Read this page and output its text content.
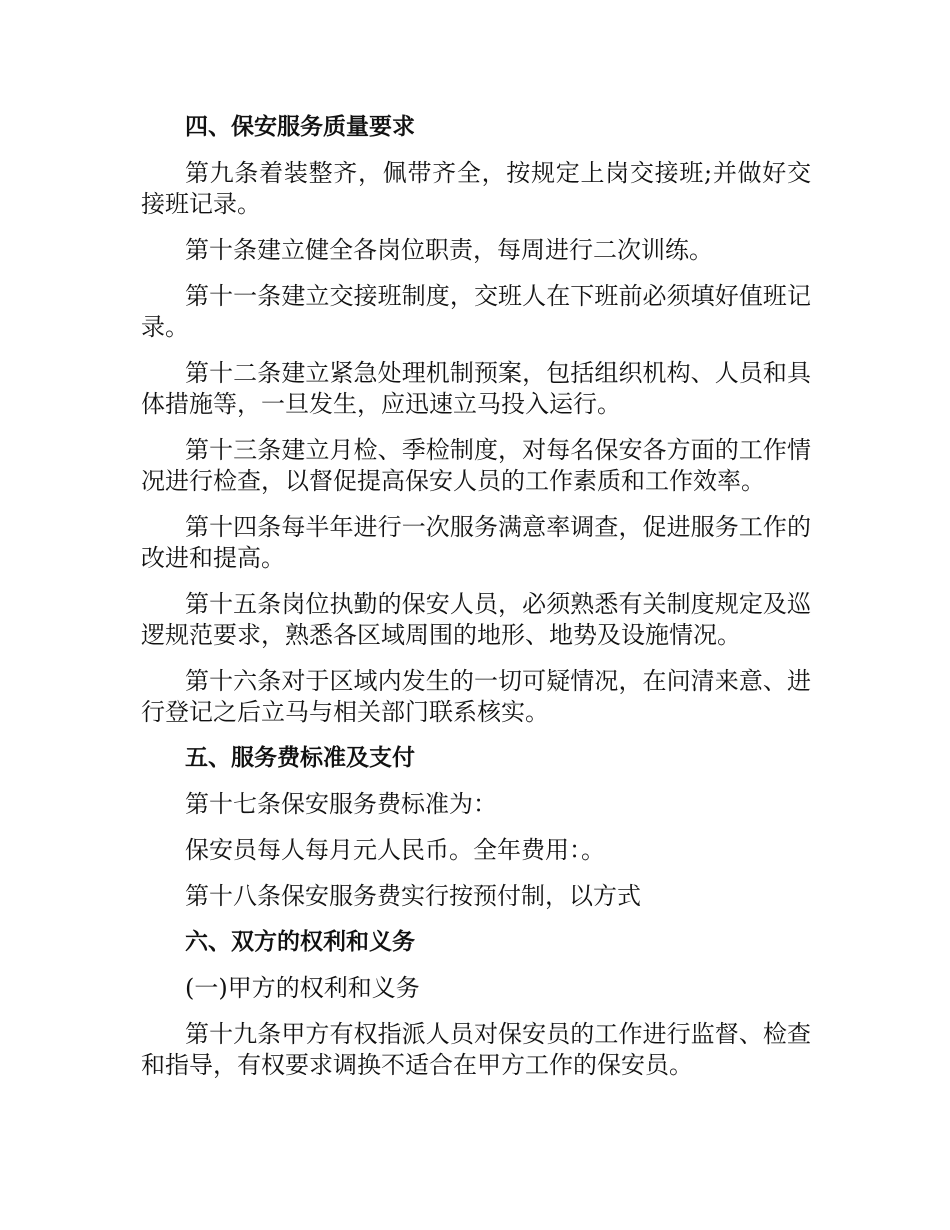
四、保安服务质量要求
第九条着装整齐，佩带齐全，按规定上岗交接班;并做好交接班记录。
第十条建立健全各岗位职责，每周进行二次训练。
第十一条建立交接班制度，交班人在下班前必须填好值班记录。
第十二条建立紧急处理机制预案，包括组织机构、人员和具体措施等，一旦发生，应迅速立马投入运行。
第十三条建立月检、季检制度，对每名保安各方面的工作情况进行检查，以督促提高保安人员的工作素质和工作效率。
第十四条每半年进行一次服务满意率调查，促进服务工作的改进和提高。
第十五条岗位执勤的保安人员，必须熟悉有关制度规定及巡逻规范要求，熟悉各区域周围的地形、地势及设施情况。
第十六条对于区域内发生的一切可疑情况，在问清来意、进行登记之后立马与相关部门联系核实。
五、服务费标准及支付
第十七条保安服务费标准为：
保安员每人每月元人民币。全年费用：。
第十八条保安服务费实行按预付制，以方式
六、双方的权利和义务
(一)甲方的权利和义务
第十九条甲方有权指派人员对保安员的工作进行监督、检查和指导，有权要求调换不适合在甲方工作的保安员。
